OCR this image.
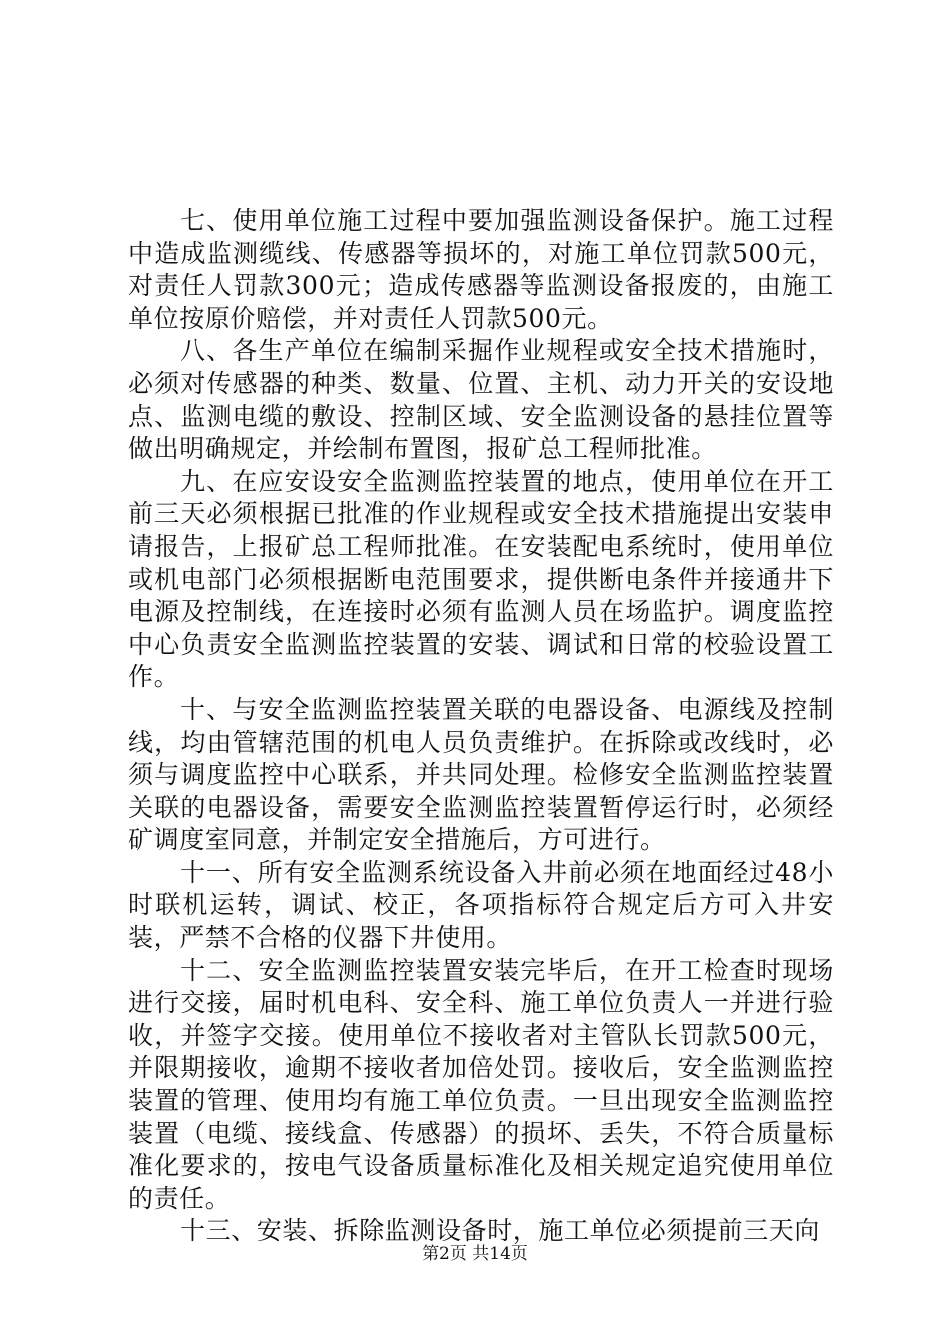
七、使用单位施工过程中要加强监测设备保护。施工过程中造成监测缆线、传感器等损坏的，对施工单位罚款500元，对责任人罚款300元；造成传感器等监测设备报废的，由施工单位按原价赔偿，并对责任人罚款500元。

八、各生产单位在编制采掘作业规程或安全技术措施时，必须对传感器的种类、数量、位置、主机、动力开关的安设地点、监测电缆的敷设、控制区域、安全监测设备的悬挂位置等做出明确规定，并绘制布置图，报矿总工程师批准。

九、在应安设安全监测监控装置的地点，使用单位在开工前三天必须根据已批准的作业规程或安全技术措施提出安装申请报告，上报矿总工程师批准。在安装配电系统时，使用单位或机电部门必须根据断电范围要求，提供断电条件并接通井下电源及控制线，在连接时必须有监测人员在场监护。调度监控中心负责安全监测监控装置的安装、调试和日常的校验设置工作。

十、与安全监测监控装置关联的电器设备、电源线及控制线，均由管辖范围的机电人员负责维护。在拆除或改线时，必须与调度监控中心联系，并共同处理。检修安全监测监控装置关联的电器设备，需要安全监测监控装置暂停运行时，必须经矿调度室同意，并制定安全措施后，方可进行。

十一、所有安全监测系统设备入井前必须在地面经过48小时联机运转，调试、校正，各项指标符合规定后方可入井安装，严禁不合格的仪器下井使用。

十二、安全监测监控装置安装完毕后，在开工检查时现场进行交接，届时机电科、安全科、施工单位负责人一并进行验收，并签字交接。使用单位不接收者对主管队长罚款500元，并限期接收，逾期不接收者加倍处罚。接收后，安全监测监控装置的管理、使用均有施工单位负责。一旦出现安全监测监控装置（电缆、接线盒、传感器）的损坏、丢失，不符合质量标准化要求的，按电气设备质量标准化及相关规定追究使用单位的责任。

十三、安装、拆除监测设备时，施工单位必须提前三天向

第2页 共14页
